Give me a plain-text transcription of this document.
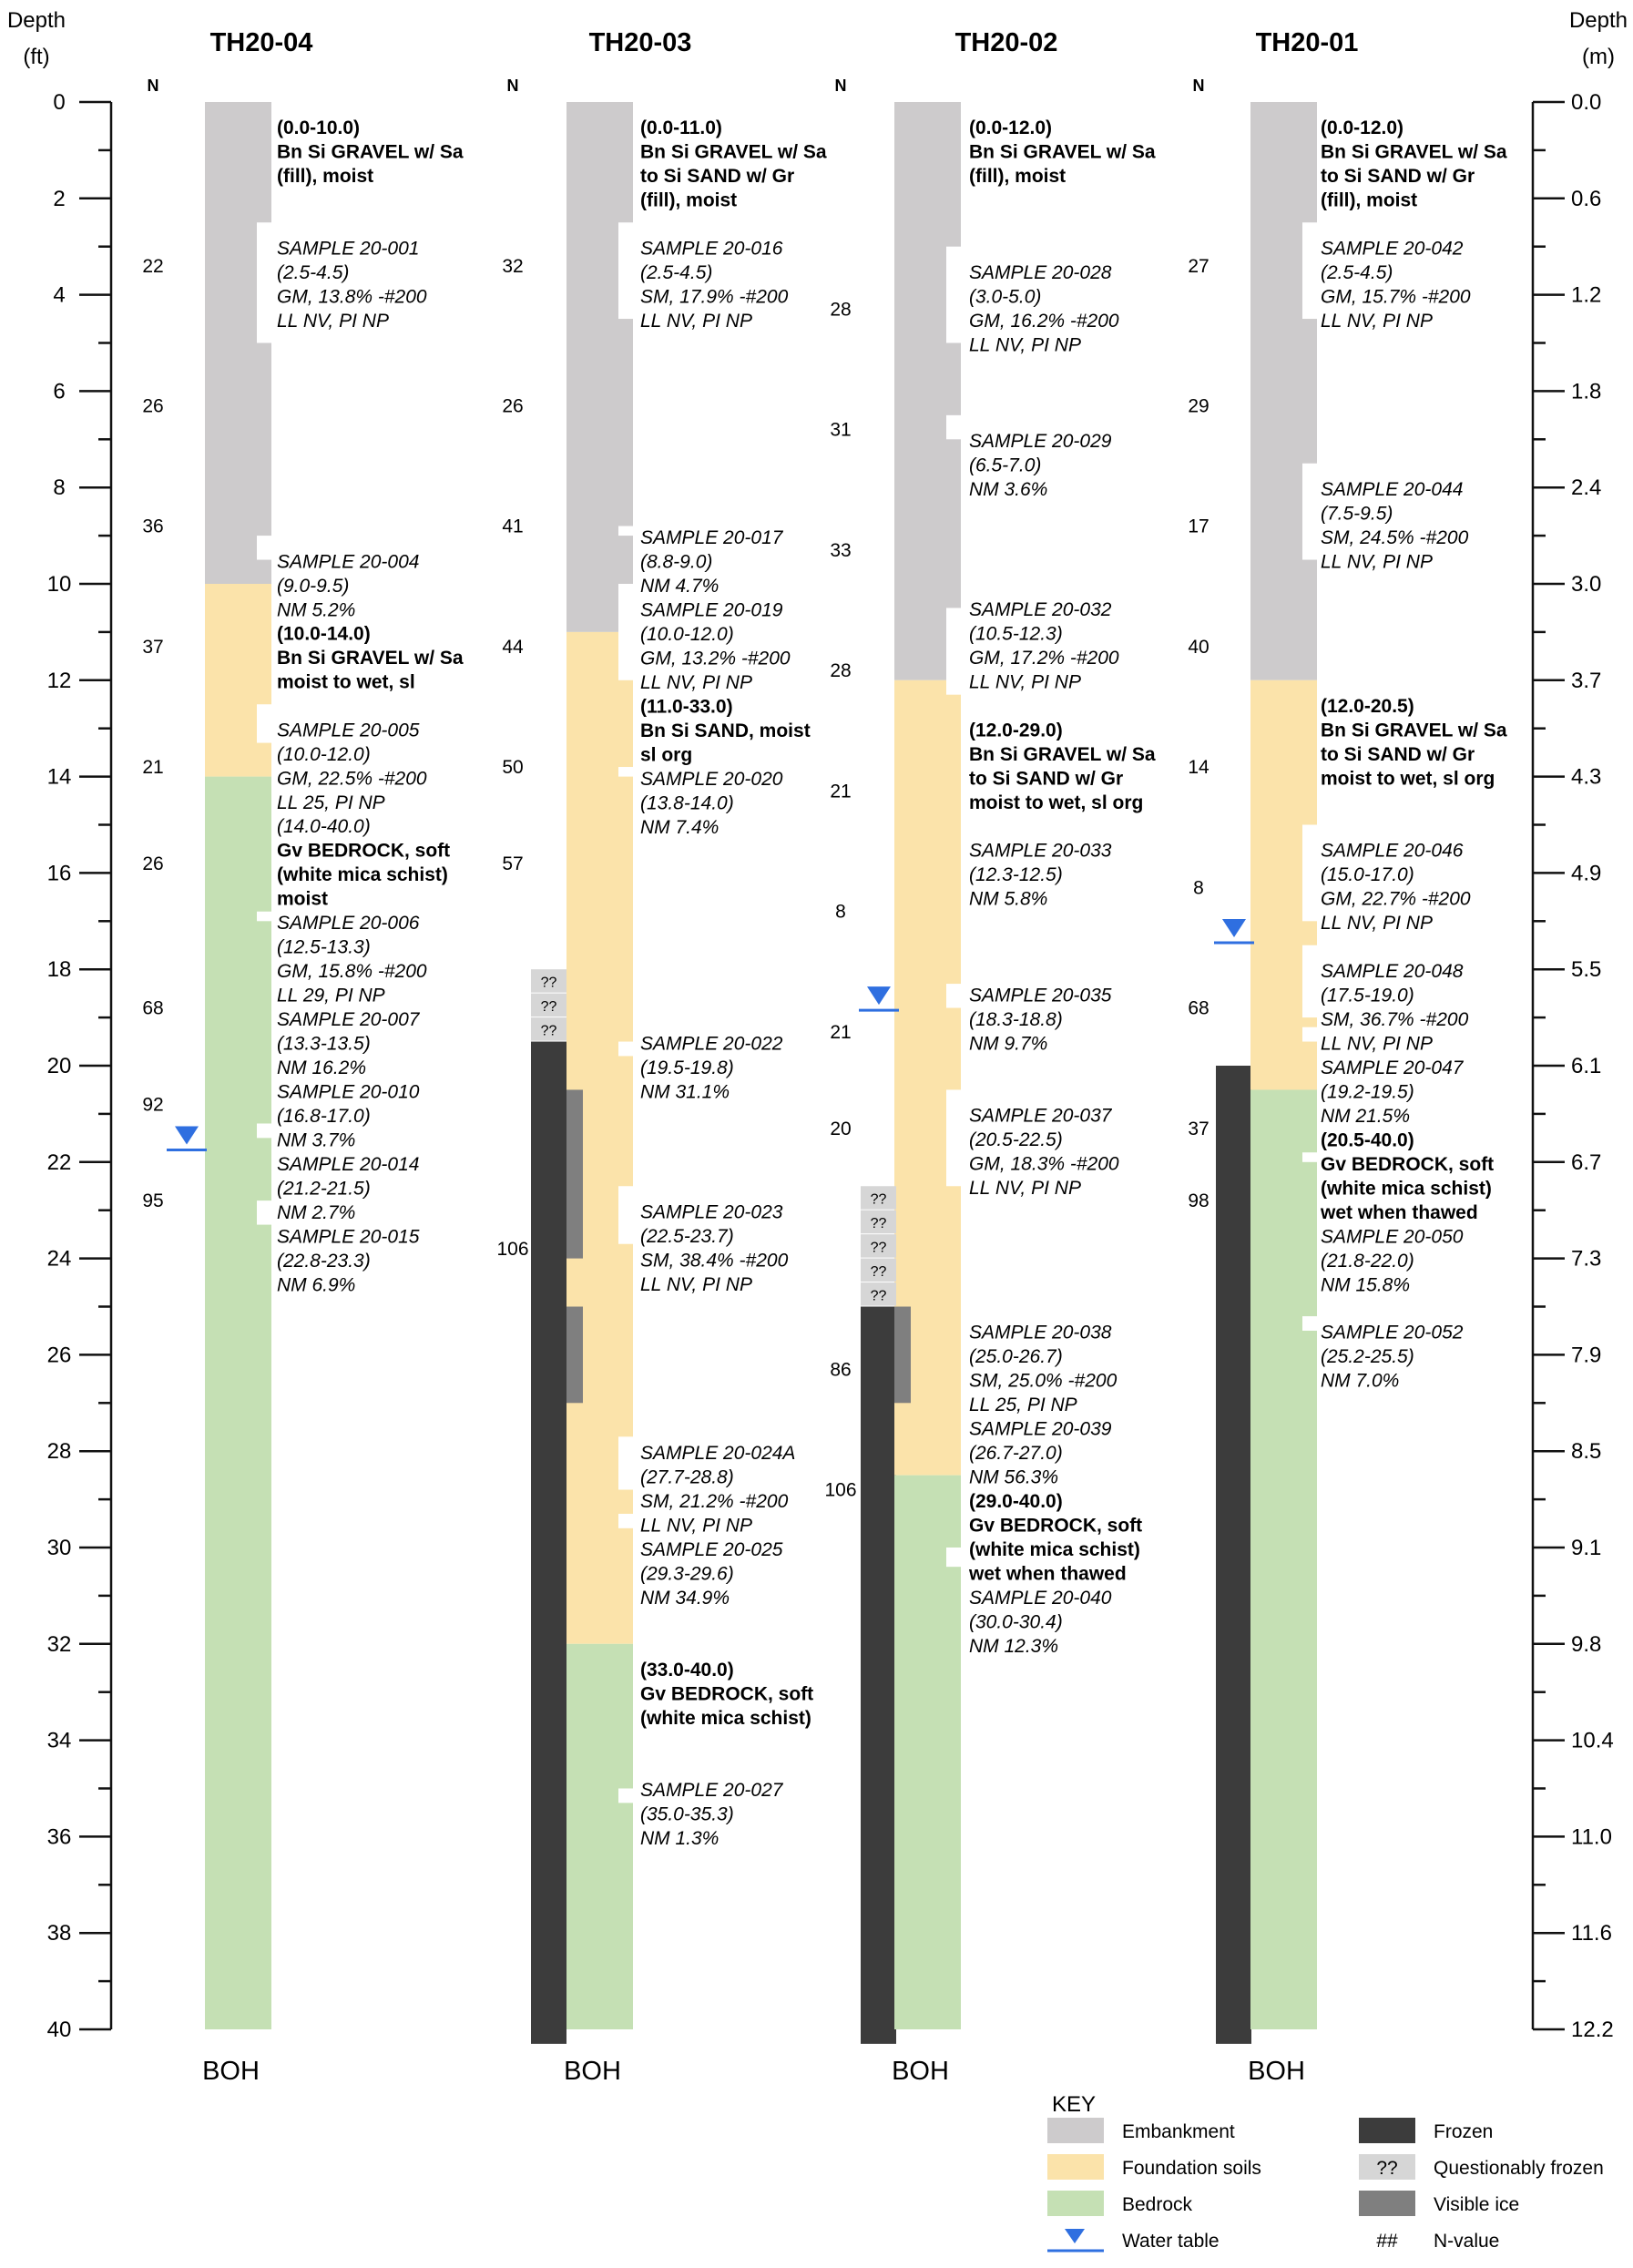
Depth
(ft)
0
2
4
6
8
10
12
14
16
18
20
22
24
26
28
30
32
34
36
38
40
Depth
(m)
0.0
0.6
1.2
1.8
2.4
3.0
3.7
4.3
4.9
5.5
6.1
6.7
7.3
7.9
8.5
9.1
9.8
10.4
11.0
11.6
12.2
TH20-04
N
22
26
36
37
21
26
68
92
95
(0.0-10.0)
Bn Si GRAVEL w/ Sa
(fill), moist
SAMPLE 20-001
(2.5-4.5)
GM, 13.8% -#200
LL NV, PI NP
SAMPLE 20-004
(9.0-9.5)
NM 5.2%
(10.0-14.0)
Bn Si GRAVEL w/ Sa
moist to wet, sl
SAMPLE 20-005
(10.0-12.0)
GM, 22.5% -#200
LL 25, PI NP
(14.0-40.0)
Gv BEDROCK, soft
(white mica schist)
moist
SAMPLE 20-006
(12.5-13.3)
GM, 15.8% -#200
LL 29, PI NP
SAMPLE 20-007
(13.3-13.5)
NM 16.2%
SAMPLE 20-010
(16.8-17.0)
NM 3.7%
SAMPLE 20-014
(21.2-21.5)
NM 2.7%
SAMPLE 20-015
(22.8-23.3)
NM 6.9%
BOH
TH20-03
N
??
??
??
32
26
41
44
50
57
106
(0.0-11.0)
Bn Si GRAVEL w/ Sa
to Si SAND w/ Gr
(fill), moist
SAMPLE 20-016
(2.5-4.5)
SM, 17.9% -#200
LL NV, PI NP
SAMPLE 20-017
(8.8-9.0)
NM 4.7%
SAMPLE 20-019
(10.0-12.0)
GM, 13.2% -#200
LL NV, PI NP
(11.0-33.0)
Bn Si SAND, moist
sl org
SAMPLE 20-020
(13.8-14.0)
NM 7.4%
SAMPLE 20-022
(19.5-19.8)
NM 31.1%
SAMPLE 20-023
(22.5-23.7)
SM, 38.4% -#200
LL NV, PI NP
SAMPLE 20-024A
(27.7-28.8)
SM, 21.2% -#200
LL NV, PI NP
SAMPLE 20-025
(29.3-29.6)
NM 34.9%
(33.0-40.0)
Gv BEDROCK, soft
(white mica schist)
SAMPLE 20-027
(35.0-35.3)
NM 1.3%
BOH
TH20-02
N
??
??
??
??
??
28
31
33
28
21
8
21
20
86
106
(0.0-12.0)
Bn Si GRAVEL w/ Sa
(fill), moist
SAMPLE 20-028
(3.0-5.0)
GM, 16.2% -#200
LL NV, PI NP
SAMPLE 20-029
(6.5-7.0)
NM 3.6%
SAMPLE 20-032
(10.5-12.3)
GM, 17.2% -#200
LL NV, PI NP
(12.0-29.0)
Bn Si GRAVEL w/ Sa
to Si SAND w/ Gr
moist to wet, sl org
SAMPLE 20-033
(12.3-12.5)
NM 5.8%
SAMPLE 20-035
(18.3-18.8)
NM 9.7%
SAMPLE 20-037
(20.5-22.5)
GM, 18.3% -#200
LL NV, PI NP
SAMPLE 20-038
(25.0-26.7)
SM, 25.0% -#200
LL 25, PI NP
SAMPLE 20-039
(26.7-27.0)
NM 56.3%
(29.0-40.0)
Gv BEDROCK, soft
(white mica schist)
wet when thawed
SAMPLE 20-040
(30.0-30.4)
NM 12.3%
BOH
TH20-01
N
27
29
17
40
14
8
68
37
98
(0.0-12.0)
Bn Si GRAVEL w/ Sa
to Si SAND w/ Gr
(fill), moist
SAMPLE 20-042
(2.5-4.5)
GM, 15.7% -#200
LL NV, PI NP
SAMPLE 20-044
(7.5-9.5)
SM, 24.5% -#200
LL NV, PI NP
(12.0-20.5)
Bn Si GRAVEL w/ Sa
to Si SAND w/ Gr
moist to wet, sl org
SAMPLE 20-046
(15.0-17.0)
GM, 22.7% -#200
LL NV, PI NP
SAMPLE 20-048
(17.5-19.0)
SM, 36.7% -#200
LL NV, PI NP
SAMPLE 20-047
(19.2-19.5)
NM 21.5%
(20.5-40.0)
Gv BEDROCK, soft
(white mica schist)
wet when thawed
SAMPLE 20-050
(21.8-22.0)
NM 15.8%
SAMPLE 20-052
(25.2-25.5)
NM 7.0%
BOH
KEY
Embankment
Foundation soils
Bedrock
Water table
Frozen
?? Questionably frozen
Visible ice
## N-value
